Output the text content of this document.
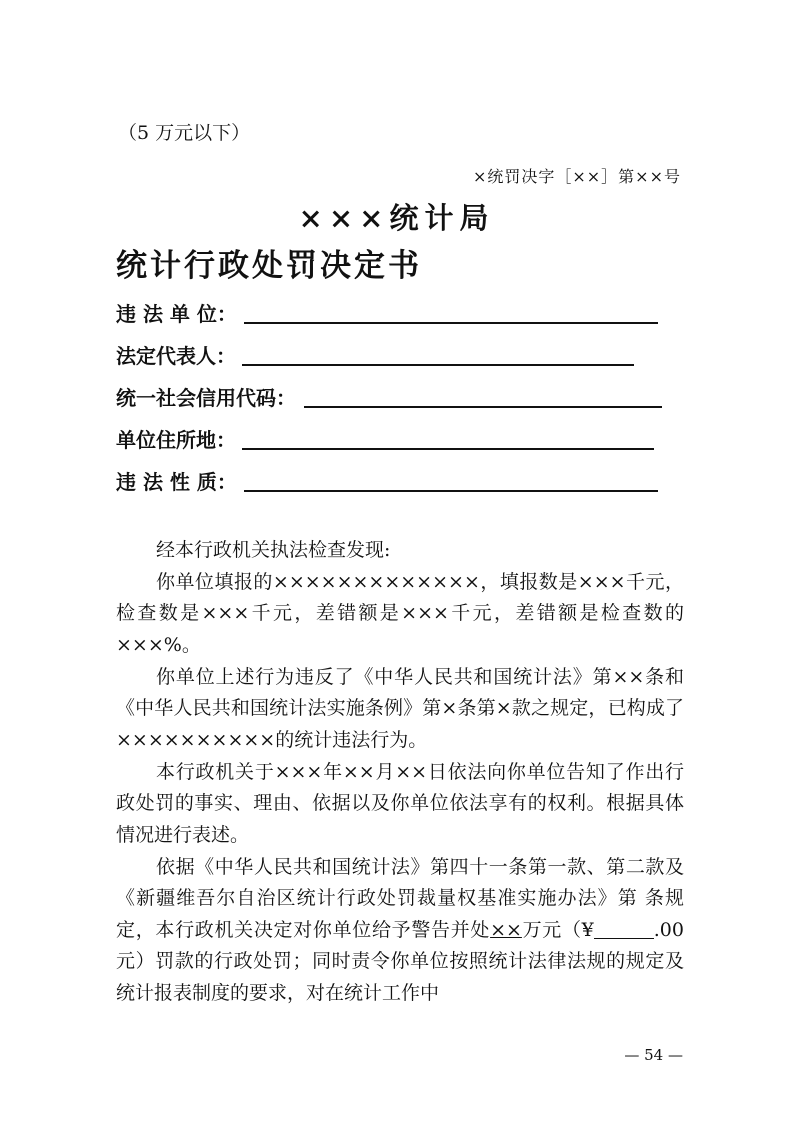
（5 万元以下）
×统罚决字［××］第××号
×××统计局
统计行政处罚决定书
违 法 单 位：
法定代表人：
统一社会信用代码：
单位住所地：
违 法 性 质：

经本行政机关执法检查发现:

你单位填报的×××××××××××××，填报数是×××千元，检查数是×××千元，差错额是×××千元，差错额是检查数的×××%。

你单位上述行为违反了《中华人民共和国统计法》第××条和《中华人民共和国统计法实施条例》第×条第×款之规定，已构成了××××××××××的统计违法行为。

本行政机关于×××年××月××日依法向你单位告知了作出行政处罚的事实、理由、依据以及你单位依法享有的权利。根据具体情况进行表述。

依据《中华人民共和国统计法》第四十一条第一款、第二款及《新疆维吾尔自治区统计行政处罚裁量权基准实施办法》第 条规定，本行政机关决定对你单位给予警告并处××万元（¥	.00 元）罚款的行政处罚；同时责令你单位按照统计法律法规的规定及统计报表制度的要求，对在统计工作中

— 54 —
